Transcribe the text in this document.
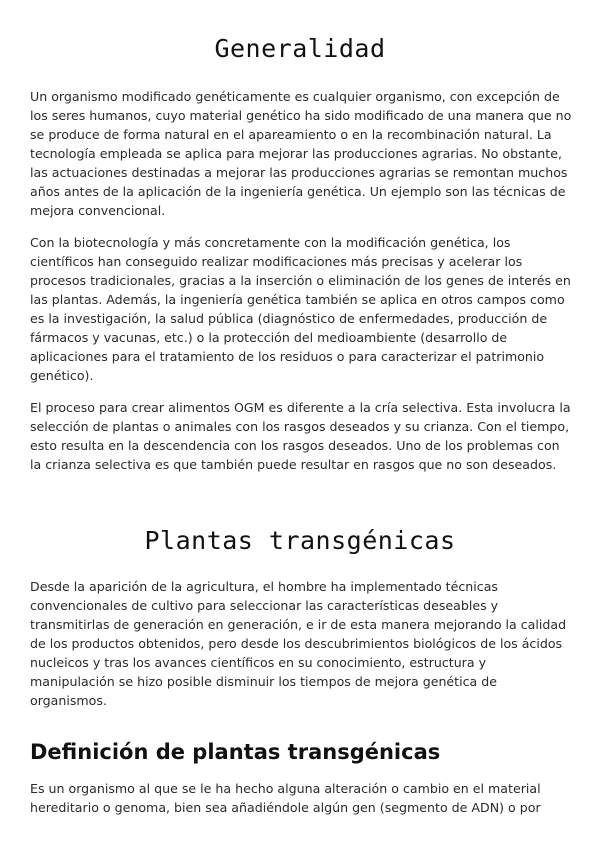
Generalidad

Un organismo modificado genéticamente es cualquier organismo, con excepción de los seres humanos, cuyo material genético ha sido modificado de una manera que no se produce de forma natural en el apareamiento o en la recombinación natural. La tecnología empleada se aplica para mejorar las producciones agrarias. No obstante, las actuaciones destinadas a mejorar las producciones agrarias se remontan muchos años antes de la aplicación de la ingeniería genética. Un ejemplo son las técnicas de mejora convencional.

Con la biotecnología y más concretamente con la modificación genética, los científicos han conseguido realizar modificaciones más precisas y acelerar los procesos tradicionales, gracias a la inserción o eliminación de los genes de interés en las plantas. Además, la ingeniería genética también se aplica en otros campos como es la investigación, la salud pública (diagnóstico de enfermedades, producción de fármacos y vacunas, etc.) o la protección del medioambiente (desarrollo de aplicaciones para el tratamiento de los residuos o para caracterizar el patrimonio genético).

El proceso para crear alimentos OGM es diferente a la cría selectiva. Esta involucra la selección de plantas o animales con los rasgos deseados y su crianza. Con el tiempo, esto resulta en la descendencia con los rasgos deseados. Uno de los problemas con la crianza selectiva es que también puede resultar en rasgos que no son deseados.

Plantas transgénicas

Desde la aparición de la agricultura, el hombre ha implementado técnicas convencionales de cultivo para seleccionar las características deseables y transmitirlas de generación en generación, e ir de esta manera mejorando la calidad de los productos obtenidos, pero desde los descubrimientos biológicos de los ácidos nucleicos y tras los avances científicos en su conocimiento, estructura y manipulación se hizo posible disminuir los tiempos de mejora genética de organismos.

Definición de plantas transgénicas

Es un organismo al que se le ha hecho alguna alteración o cambio en el material hereditario o genoma, bien sea añadiéndole algún gen (segmento de ADN) o por
